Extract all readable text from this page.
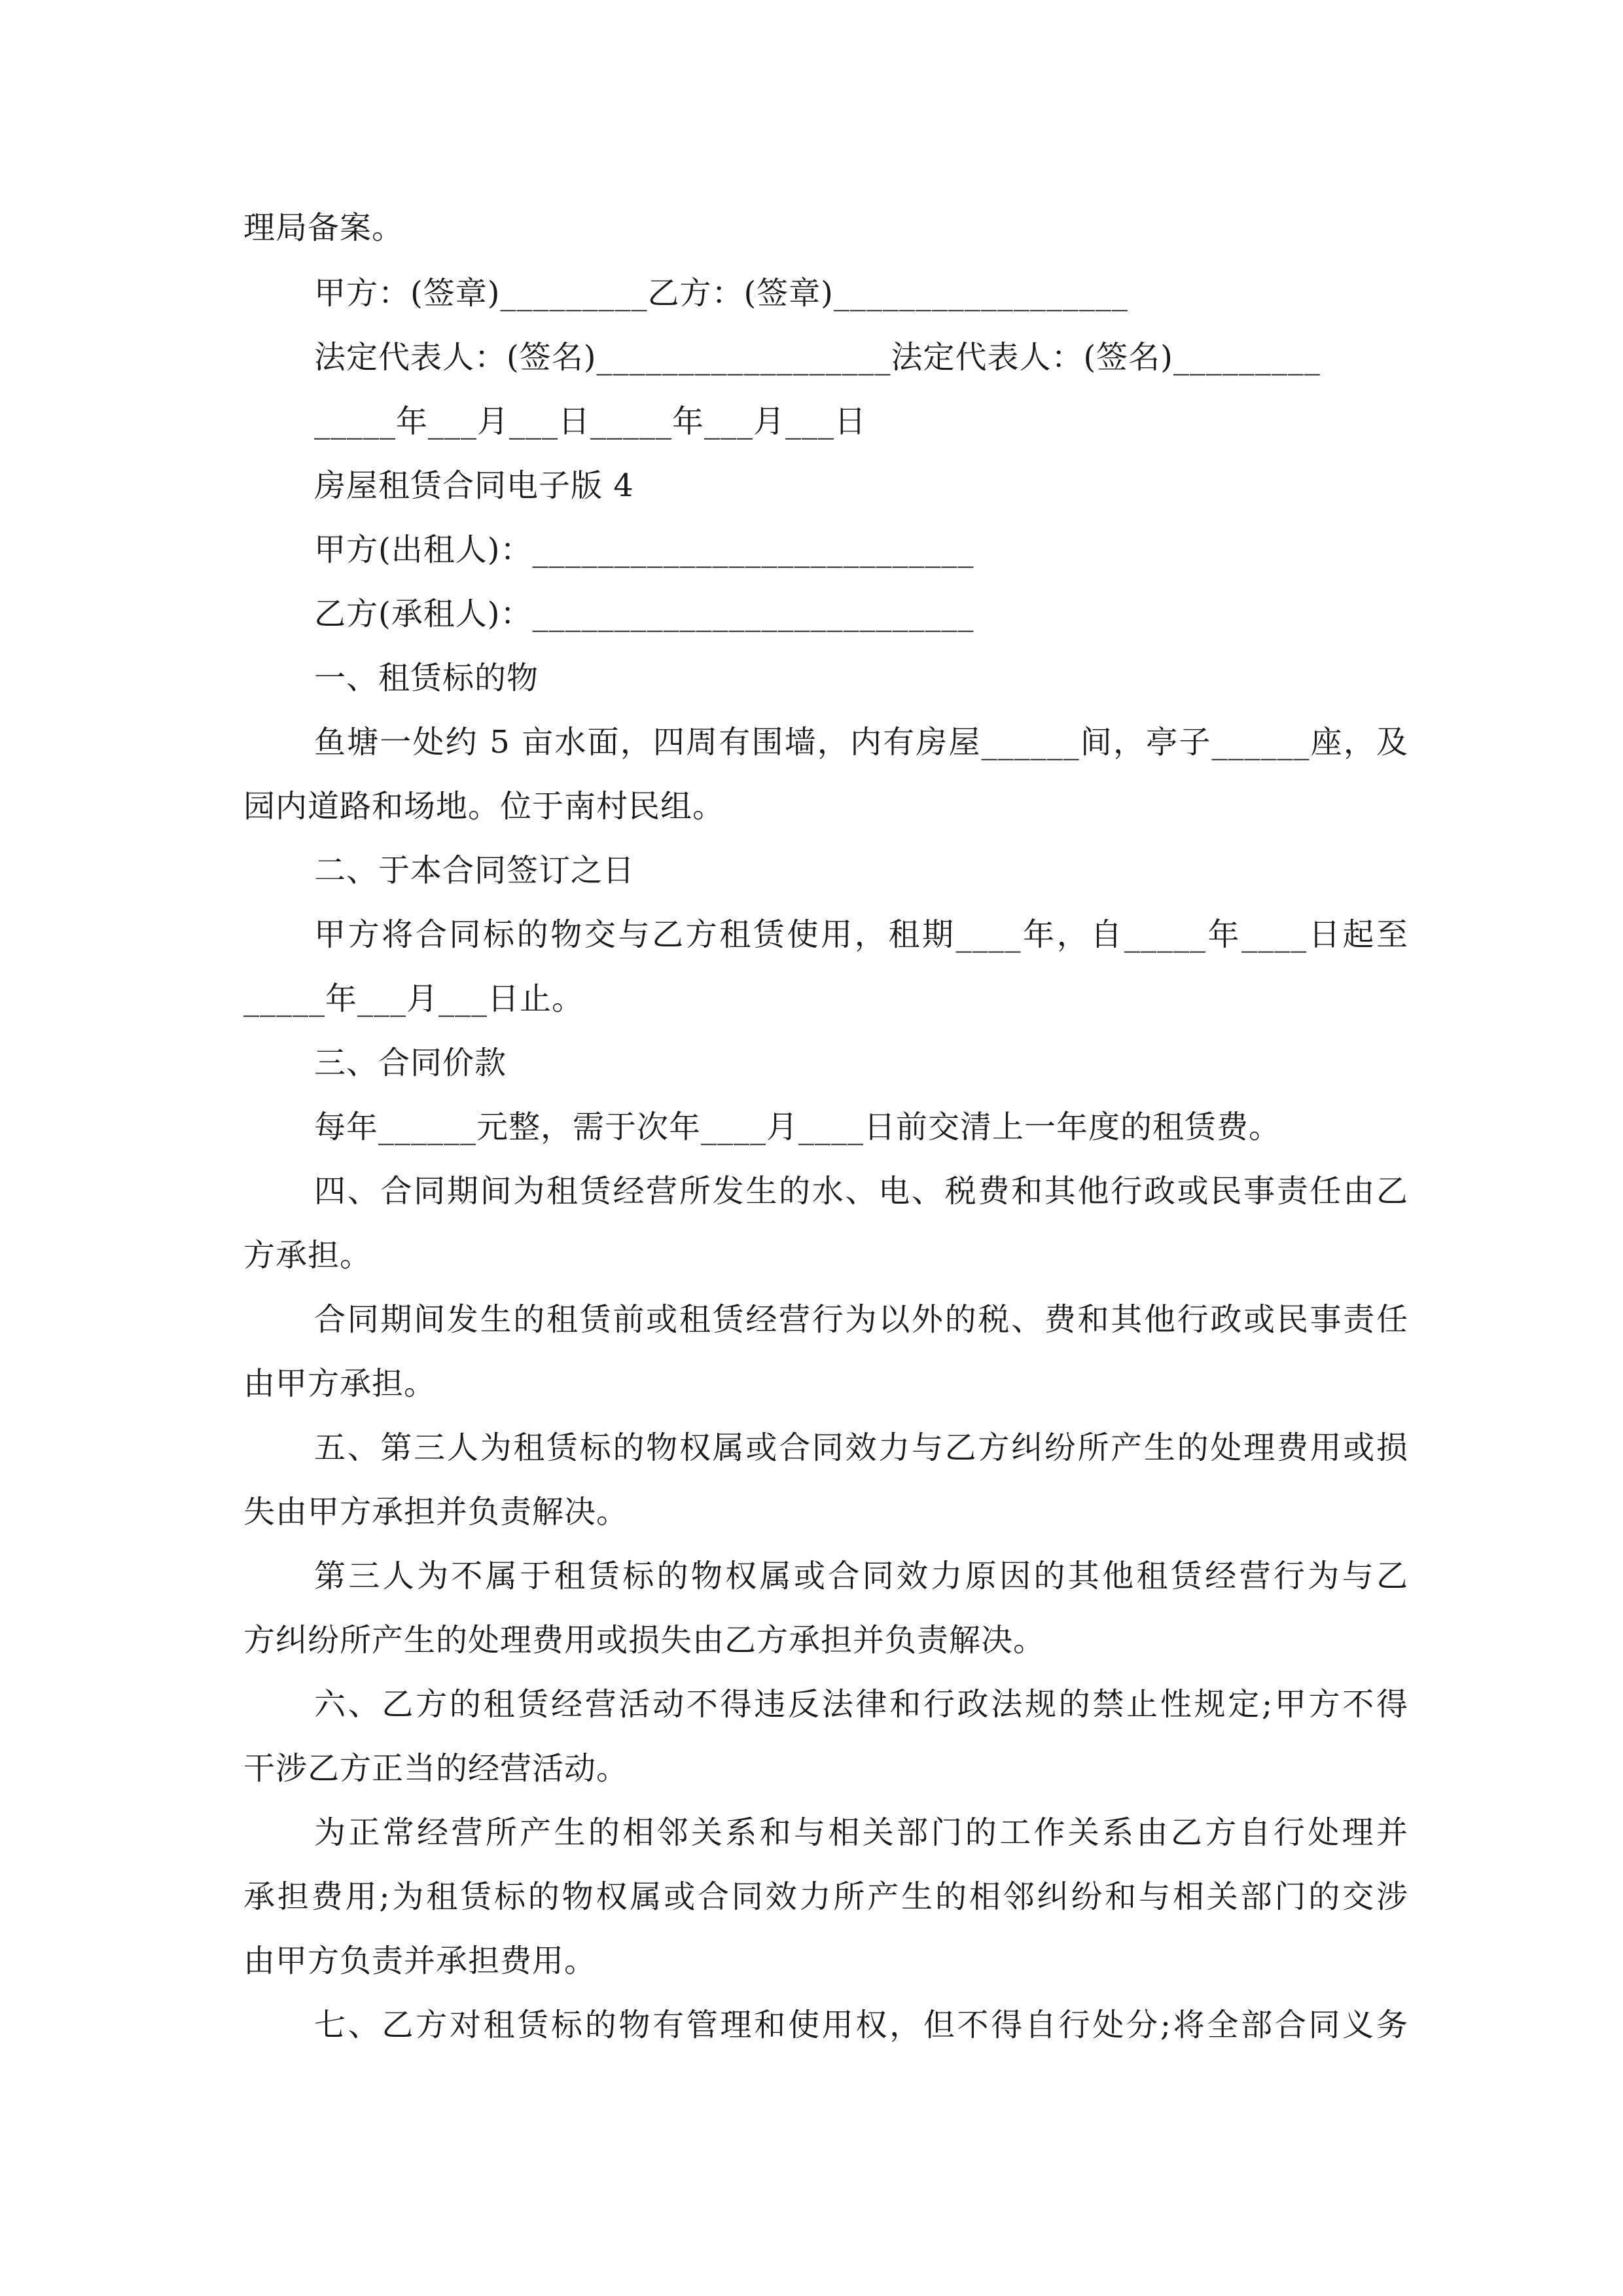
理局备案。

甲方：(签章)_________乙方：(签章)__________________

法定代表人：(签名)__________________法定代表人：(签名)_________

_____年___月___日_____年___月___日

房屋租赁合同电子版 4

甲方(出租人)：___________________________

乙方(承租人)：___________________________

一、租赁标的物

鱼塘一处约 5 亩水面，四周有围墙，内有房屋______间，亭子______座，及

园内道路和场地。位于南村民组。

二、于本合同签订之日

甲方将合同标的物交与乙方租赁使用，租期____年，自_____年____日起至

_____年___月___日止。

三、合同价款

每年______元整，需于次年____月____日前交清上一年度的租赁费。

四、合同期间为租赁经营所发生的水、电、税费和其他行政或民事责任由乙

方承担。

合同期间发生的租赁前或租赁经营行为以外的税、费和其他行政或民事责任

由甲方承担。

五、第三人为租赁标的物权属或合同效力与乙方纠纷所产生的处理费用或损

失由甲方承担并负责解决。

第三人为不属于租赁标的物权属或合同效力原因的其他租赁经营行为与乙

方纠纷所产生的处理费用或损失由乙方承担并负责解决。

六、乙方的租赁经营活动不得违反法律和行政法规的禁止性规定;甲方不得

干涉乙方正当的经营活动。

为正常经营所产生的相邻关系和与相关部门的工作关系由乙方自行处理并

承担费用;为租赁标的物权属或合同效力所产生的相邻纠纷和与相关部门的交涉

由甲方负责并承担费用。

七、乙方对租赁标的物有管理和使用权，但不得自行处分;将全部合同义务
